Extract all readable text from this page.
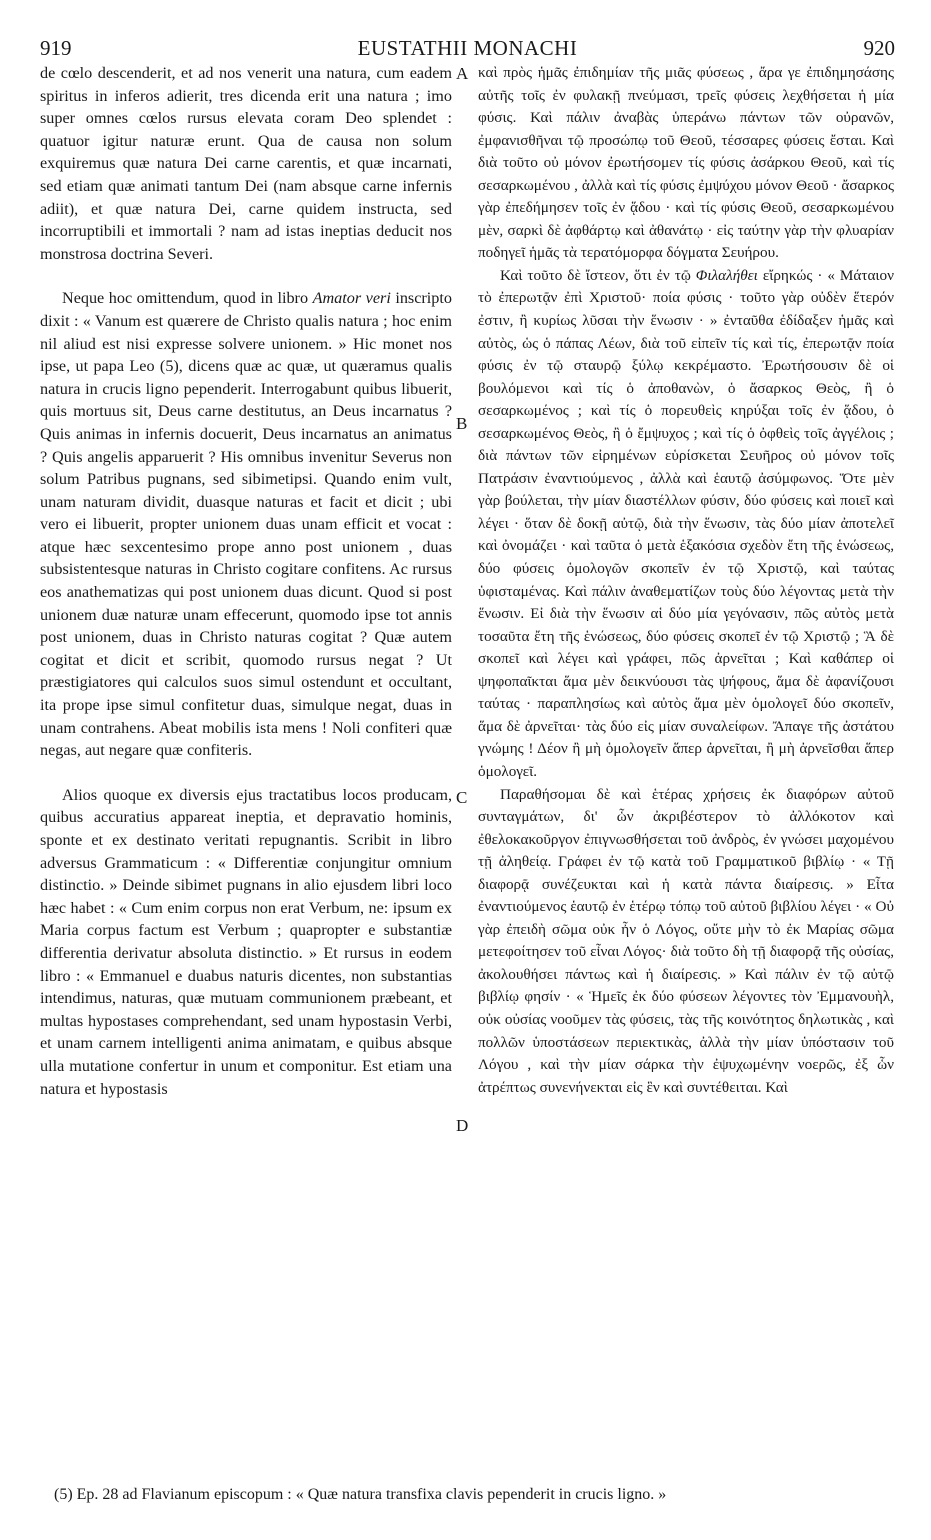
919	EUSTATHII MONACHI	920

de cœlo descenderit, et ad nos venerit una natura, cum eadem spiritus in inferos adierit, tres dicenda erit una natura ; imo super omnes cœlos rursus elevata coram Deo splendet : quatuor igitur naturæ erunt. Qua de causa non solum exquiremus quæ natura Dei carne carentis, et quæ incarnati, sed etiam quæ animati tantum Dei (nam absque carne infernis adiit), et quæ natura Dei, carne quidem instructa, sed incorruptibili et immortali ? nam ad istas ineptias deducit nos monstrosa doctrina Severi.

Neque hoc omittendum, quod in libro Amator veri inscripto dixit : « Vanum est quærere de Christo qualis natura ; hoc enim nil aliud est nisi expresse solvere unionem. » Hic monet nos ipse, ut papa Leo (5), dicens quæ ac quæ, ut quæramus qualis natura in crucis ligno pependerit. Interrogabunt quibus libuerit, quis mortuus sit, Deus carne destitutus, an Deus incarnatus ? Quis animas in infernis docuerit, Deus incarnatus an animatus ? Quis angelis apparuerit ? His omnibus invenitur Severus non solum Patribus pugnans, sed sibimetipsi. Quando enim vult, unam naturam dividit, duasque naturas et facit et dicit ; ubi vero ei libuerit, propter unionem duas unam efficit et vocat : atque hæc sexcentesimo prope anno post unionem , duas subsistentesque naturas in Christo cogitare confitens. Ac rursus eos anathematizas qui post unionem duas dicunt. Quod si post unionem duæ naturæ unam effecerunt, quomodo ipse tot annis post unionem, duas in Christo naturas cogitat ? Quæ autem cogitat et dicit et scribit, quomodo rursus negat ? Ut præstigiatores qui calculos suos simul ostendunt et occultant, ita prope ipse simul confitetur duas, simulque negat, duas in unam contrahens. Abeat mobilis ista mens ! Noli confiteri quæ negas, aut negare quæ confiteris.

Alios quoque ex diversis ejus tractatibus locos producam, quibus accuratius appareat ineptia, et depravatio hominis, sponte et ex destinato veritati repugnantis. Scribit in libro adversus Grammaticum : « Differentiæ conjungitur omnium distinctio. » Deinde sibimet pugnans in alio ejusdem libri loco hæc habet : « Cum enim corpus non erat Verbum, ne: ipsum ex Maria corpus factum est Verbum ; quapropter e substantiæ differentia derivatur absoluta distinctio. » Et rursus in eodem libro : « Emmanuel e duabus naturis dicentes, non substantias intendimus, naturas, quæ mutuam communionem præbeant, et multas hypostases comprehendant, sed unam hypostasin Verbi, et unam carnem intelligenti anima animatam, e quibus absque ulla mutatione confertur in unum et componitur. Est etiam una natura et hypostasis

A
B
C
D

καὶ πρὸς ἡμᾶς ἐπιδημίαν τῆς μιᾶς φύσεως , ἄρα γε ἐπιδημησάσης αὐτῆς τοῖς ἐν φυλακῇ πνεύμασι, τρεῖς φύσεις λεχθήσεται ἡ μία φύσις. Καὶ πάλιν ἀναβὰς ὑπεράνω πάντων τῶν οὐρανῶν, ἐμφανισθῆναι τῷ προσώπῳ τοῦ Θεοῦ, τέσσαρες φύσεις ἔσται. Καὶ διὰ τοῦτο οὐ μόνον ἐρωτήσομεν τίς φύσις ἀσάρκου Θεοῦ, καὶ τίς σεσαρκωμένου , ἀλλὰ καὶ τίς φύσις ἐμψύχου μόνον Θεοῦ · ἄσαρκος γὰρ ἐπεδήμησεν τοῖς ἐν ᾅδου · καὶ τίς φύσις Θεοῦ, σεσαρκωμένου μὲν, σαρκὶ δὲ ἀφθάρτῳ καὶ ἀθανάτῳ · εἰς ταύτην γὰρ τὴν φλυαρίαν ποδηγεῖ ἡμᾶς τὰ τερατόμορφα δόγματα Σευήρου.

Καὶ τοῦτο δὲ ἴστεον, ὅτι ἐν τῷ Φιλαλήθει εἴρηκώς · « Μάταιον τὸ ἐπερωτᾷν ἐπὶ Χριστοῦ· ποία φύσις · τοῦτο γὰρ οὐδὲν ἕτερόν ἐστιν, ἢ κυρίως λῦσαι τὴν ἕνωσιν · » ἐνταῦθα ἐδίδαξεν ἡμᾶς καὶ αὐτὸς, ὡς ὁ πάπας Λέων, διὰ τοῦ εἰπεῖν τίς καὶ τίς, ἐπερωτᾷν ποία φύσις ἐν τῷ σταυρῷ ξύλῳ κεκρέμαστο. Ἐρωτήσουσιν δὲ οἱ βουλόμενοι καὶ τίς ὁ ἀποθανὼν, ὁ ἄσαρκος Θεὸς, ἢ ὁ σεσαρκωμένος ; καὶ τίς ὁ πορευθεὶς κηρύξαι τοῖς ἐν ᾅδου, ὁ σεσαρκωμένος Θεὸς, ἢ ὁ ἔμψυχος ; καὶ τίς ὁ ὀφθεὶς τοῖς ἀγγέλοις ; διὰ πάντων τῶν εἰρημένων εὑρίσκεται Σευῆρος οὐ μόνον τοῖς Πατράσιν ἐναντιούμενος , ἀλλὰ καὶ ἑαυτῷ ἀσύμφωνος. Ὅτε μὲν γὰρ βούλεται, τὴν μίαν διαστέλλων φύσιν, δύο φύσεις καὶ ποιεῖ καὶ λέγει · ὅταν δὲ δοκῇ αὐτῷ, διὰ τὴν ἕνωσιν, τὰς δύο μίαν ἀποτελεῖ καὶ ὀνομάζει · καὶ ταῦτα ὁ μετὰ ἑξακόσια σχεδὸν ἔτη τῆς ἑνώσεως, δύο φύσεις ὁμολογῶν σκοπεῖν ἐν τῷ Χριστῷ, καὶ ταύτας ὑφισταμένας. Καὶ πάλιν ἀναθεματίζων τοὺς δύο λέγοντας μετὰ τὴν ἕνωσιν. Εἰ διὰ τὴν ἕνωσιν αἱ δύο μία γεγόνασιν, πῶς αὐτὸς μετὰ τοσαῦτα ἔτη τῆς ἑνώσεως, δύο φύσεις σκοπεῖ ἐν τῷ Χριστῷ ; Ἃ δὲ σκοπεῖ καὶ λέγει καὶ γράφει, πῶς ἀρνεῖται ; Καὶ καθάπερ οἱ ψηφοπαῖκται ἅμα μὲν δεικνύουσι τὰς ψήφους, ἅμα δὲ ἀφανίζουσι ταύτας · παραπλησίως καὶ αὐτὸς ἅμα μὲν ὁμολογεῖ δύο σκοπεῖν, ἅμα δὲ ἀρνεῖται· τὰς δύο εἰς μίαν συναλείφων. Ἄπαγε τῆς ἀστάτου γνώμης ! Δέον ἢ μὴ ὁμολογεῖν ἅπερ ἀρνεῖται, ἢ μὴ ἀρνεῖσθαι ἅπερ ὁμολογεῖ.

Παραθήσομαι δὲ καὶ ἑτέρας χρήσεις ἐκ διαφόρων αὐτοῦ συνταγμάτων, δι' ὧν ἀκριβέστερον τὸ ἀλλόκοτον καὶ ἐθελοκακοῦργον ἐπιγνωσθήσεται τοῦ ἀνδρὸς, ἐν γνώσει μαχομένου τῇ ἀληθείᾳ. Γράφει ἐν τῷ κατὰ τοῦ Γραμματικοῦ βιβλίῳ · « Τῇ διαφορᾷ συνέζευκται καὶ ἡ κατὰ πάντα διαίρεσις. » Εἶτα ἐναντιούμενος ἑαυτῷ ἐν ἑτέρῳ τόπῳ τοῦ αὐτοῦ βιβλίου λέγει · « Οὐ γὰρ ἐπειδὴ σῶμα οὐκ ἦν ὁ Λόγος, οὔτε μὴν τὸ ἐκ Μαρίας σῶμα μετεφοίτησεν τοῦ εἶναι Λόγος· διὰ τοῦτο δὴ τῇ διαφορᾷ τῆς οὐσίας, ἀκολουθήσει πάντως καὶ ἡ διαίρεσις. » Καὶ πάλιν ἐν τῷ αὐτῷ βιβλίῳ φησίν · « Ἡμεῖς ἐκ δύο φύσεων λέγοντες τὸν Ἐμμανουὴλ, οὐκ οὐσίας νοοῦμεν τὰς φύσεις, τὰς τῆς κοινότητος δηλωτικὰς , καὶ πολλῶν ὑποστάσεων περιεκτικὰς, ἀλλὰ τὴν μίαν ὑπόστασιν τοῦ Λόγου , καὶ τὴν μίαν σάρκα τὴν ἐψυχωμένην νοερῶς, ἐξ ὧν ἀτρέπτως συνενήνεκται εἰς ἓν καὶ συντέθειται. Καὶ

(5) Ep. 28 ad Flavianum episcopum : « Quæ natura transfixa clavis pependerit in crucis ligno. »
